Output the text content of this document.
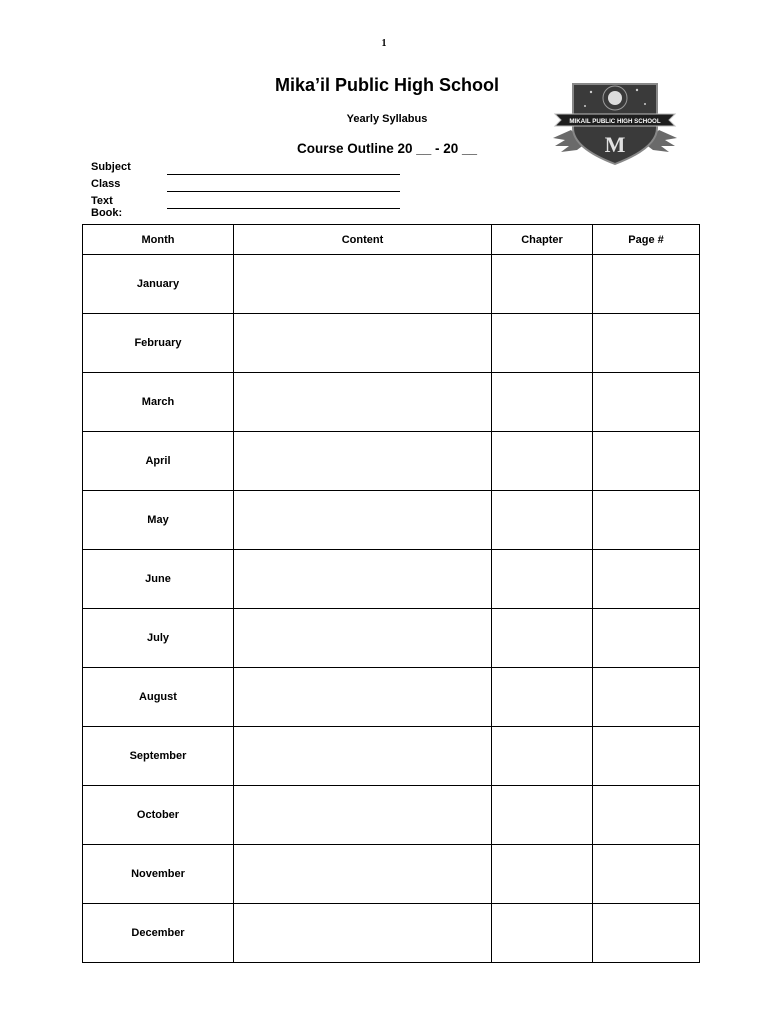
1
Mika’il Public High School
Yearly Syllabus
Course Outline 20 __ - 20 __
MIKAIL PUBLIC HIGH SCHOOL
M
Subject
Class
Text Book:
Month	Content	Chapter	Page #
January			
February			
March			
April			
May			
June			
July			
August			
September			
October			
November			
December			
